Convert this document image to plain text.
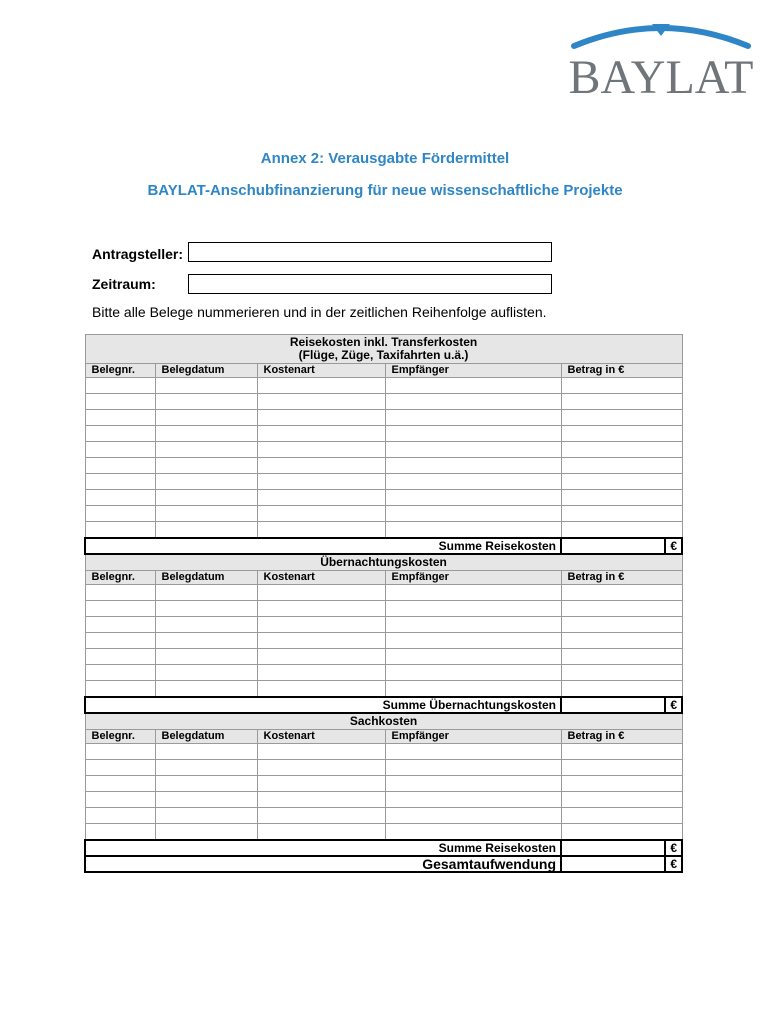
BAYLAT
Annex 2: Verausgabte Fördermittel
BAYLAT-Anschubfinanzierung für neue wissenschaftliche Projekte
Antragsteller:
Zeitraum:
Bitte alle Belege nummerieren und in der zeitlichen Reihenfolge auflisten.
Reisekosten inkl. Transferkosten
(Flüge, Züge, Taxifahrten u.ä.)					

Belegnr.	Belegdatum	Kostenart	Empfänger	Betrag in €	

Summe Reisekosten					€
Übernachtungskosten					
Belegnr.	Belegdatum	Kostenart	Empfänger	Betrag in €	

Summe Übernachtungskosten					€
Sachkosten					
Belegnr.	Belegdatum	Kostenart	Empfänger	Betrag in €	

Summe Reisekosten					€
Gesamtaufwendung					€
